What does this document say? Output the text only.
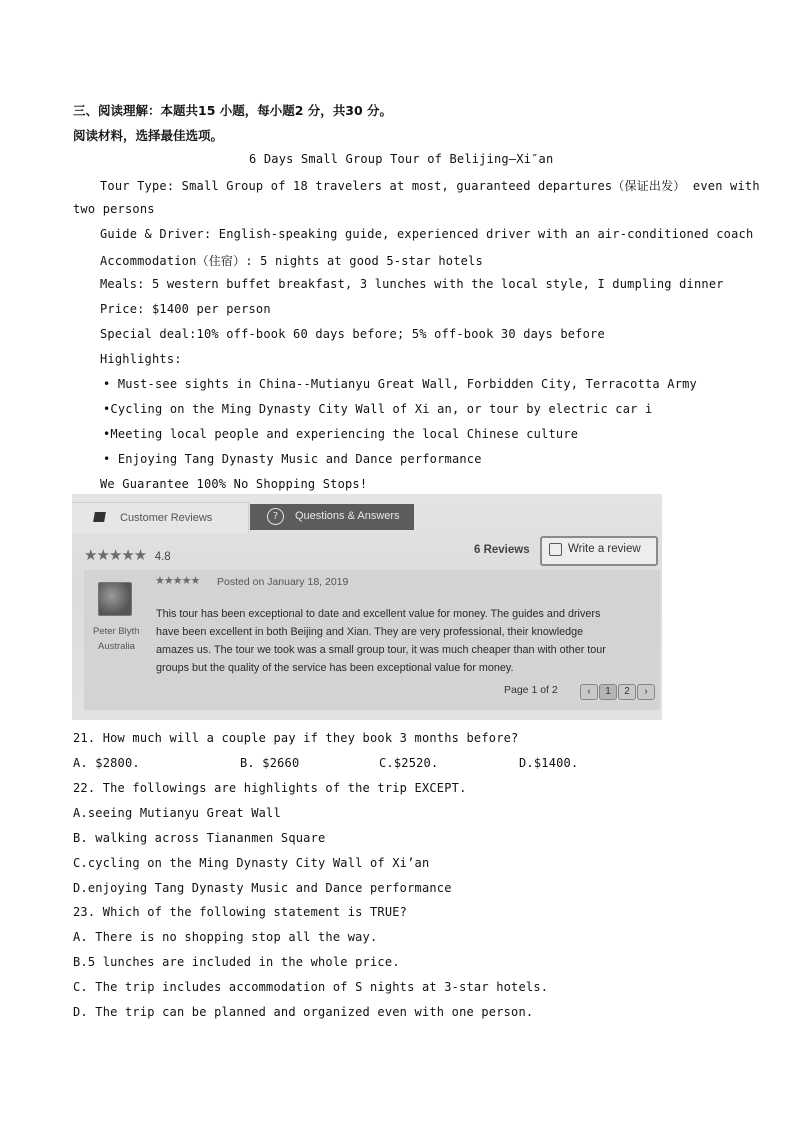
三、阅读理解：本题共15 小题，每小题2 分，共30 分。
阅读材料，选择最佳选项。
6 Days Small Group Tour of Belijing—Xi″an
Tour Type: Small Group of 18 travelers at most, guaranteed departures（保证出发） even with
two persons
Guide & Driver: English-speaking guide, experienced driver with an air-conditioned coach
Accommodation（住宿）: 5 nights at good 5-star hotels
Meals: 5 western buffet breakfast, 3 lunches with the local style, I dumpling dinner
Price: $1400 per person
Special deal:10% off-book 60 days before; 5% off-book 30 days before
Highlights:
• Must-see sights in China--Mutianyu Great Wall, Forbidden City, Terracotta Army
•Cycling on the Ming Dynasty City Wall of Xi an, or tour by electric car i
•Meeting local people and experiencing the local Chinese culture
• Enjoying Tang Dynasty Music and Dance performance
We Guarantee 100% No Shopping Stops!
Customer Reviews	?	Questions & Answers
★★★★★ 4.8
6 Reviews	Write a review
Peter Blyth
Australia
★★★★★ Posted on January 18, 2019
This tour has been exceptional to date and excellent value for money. The guides and drivers
have been excellent in both Beijing and Xian. They are very professional, their knowledge
amazes us. The tour we took was a small group tour, it was much cheaper than with other tour
groups but the quality of the service has been exceptional value for money.
Page 1 of 2	‹	1	2	›
21. How much will a couple pay if they book 3 months before?
A. $2800.	B. $2660	C.$2520.	D.$1400.
22. The followings are highlights of the trip EXCEPT.
A.seeing Mutianyu Great Wall
B. walking across Tiananmen Square
C.cycling on the Ming Dynasty City Wall of Xi’an
D.enjoying Tang Dynasty Music and Dance performance
23. Which of the following statement is TRUE?
A. There is no shopping stop all the way.
B.5 lunches are included in the whole price.
C. The trip includes accommodation of S nights at 3-star hotels.
D. The trip can be planned and organized even with one person.
